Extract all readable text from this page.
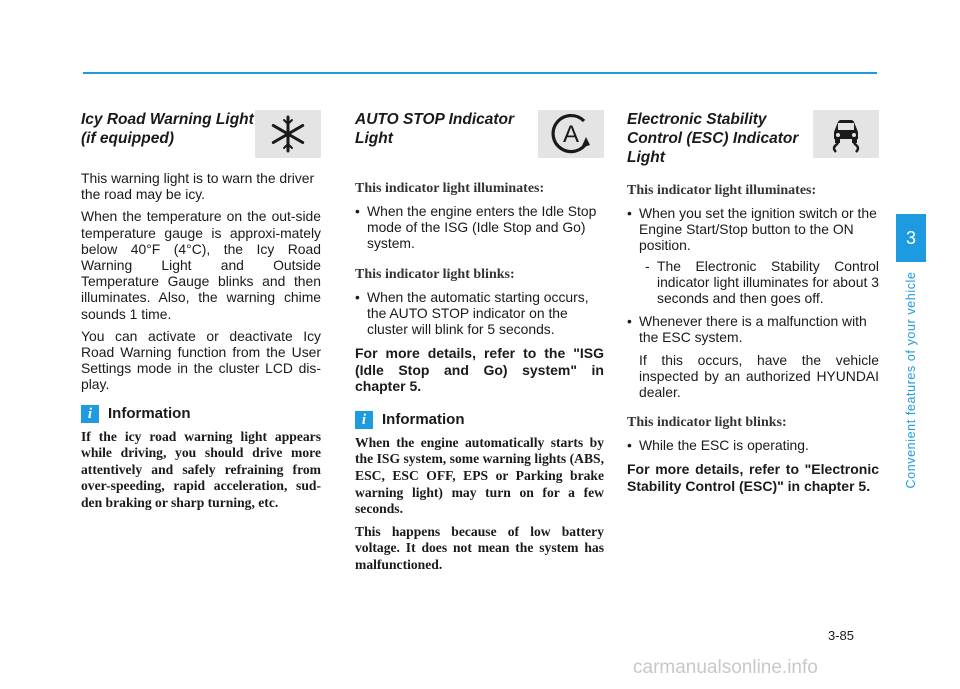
Icy Road Warning Light (if equipped)

This warning light is to warn the driver the road may be icy.

When the temperature on the out-side temperature gauge is approxi-mately below 40°F (4°C), the Icy Road Warning Light and Outside Temperature Gauge blinks and then illuminates. Also, the warning chime sounds 1 time.

You can activate or deactivate Icy Road Warning function from the User Settings mode in the cluster LCD dis-play.

i	Information

If the icy road warning light appears while driving, you should drive more attentively and safely refraining from over-speeding, rapid acceleration, sud-den braking or sharp turning, etc.

AUTO STOP Indicator Light	A
This indicator light illuminates:
• When the engine enters the Idle Stop mode of the ISG (Idle Stop and Go) system.
This indicator light blinks:
• When the automatic starting occurs, the AUTO STOP indicator on the cluster will blink for 5 seconds.
For more details, refer to the "ISG (Idle Stop and Go) system" in chapter 5.
i	Information

When the engine automatically starts by the ISG system, some warning lights (ABS, ESC, ESC OFF, EPS or Parking brake warning light) may turn on for a few seconds.

This happens because of low battery voltage. It does not mean the system has malfunctioned.

Electronic Stability Control (ESC) Indicator Light
This indicator light illuminates:
• When you set the ignition switch or the Engine Start/Stop button to the ON position.
- The Electronic Stability Control indicator light illuminates for about 3 seconds and then goes off.
• Whenever there is a malfunction with the ESC system.
If this occurs, have the vehicle inspected by an authorized HYUNDAI dealer.
This indicator light blinks:
• While the ESC is operating.
For more details, refer to "Electronic Stability Control (ESC)" in chapter 5.
3
Convenient features of your vehicle
3-85
carmanualsonline.info
